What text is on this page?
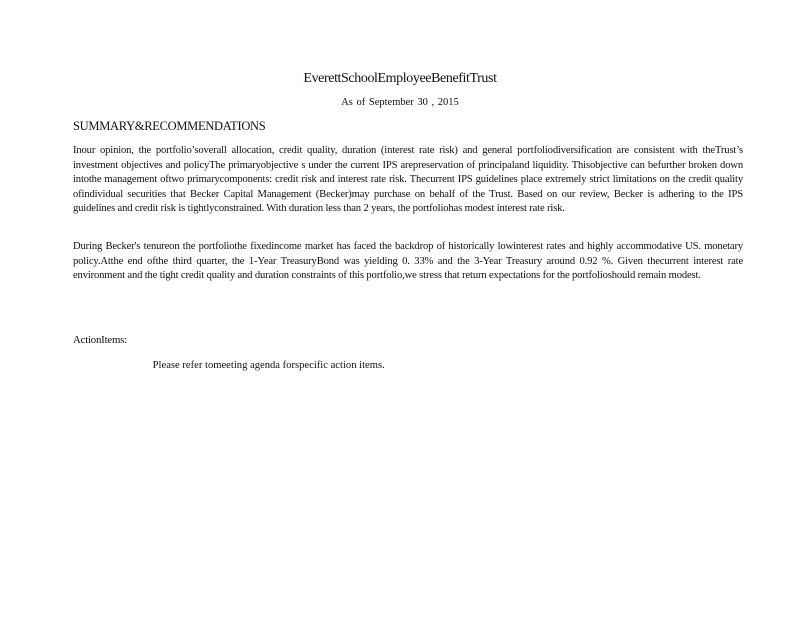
EverettSchoolEmployeeBenefitTrust
As of September 30 , 2015
SUMMARY&RECOMMENDATIONS

Inour opinion, the portfolio’soverall allocation, credit quality, duration (interest rate risk) and general portfoliodiversification are consistent with theTrust’s investment objectives and policyThe primaryobjective s under the current IPS arepreservation of principaland liquidity. Thisobjective can befurther broken down intothe management oftwo primarycomponents: credit risk and interest rate risk. Thecurrent IPS guidelines place extremely strict limitations on the credit quality ofindividual securities that Becker Capital Management (Becker)may purchase on behalf of the Trust. Based on our review, Becker is adhering to the IPS guidelines and credit risk is tightlyconstrained. With duration less than 2 years, the portfoliohas modest interest rate risk.

During Becker's tenureon the portfoliothe fixedincome market has faced the backdrop of historically lowinterest rates and highly accommodative US. monetary policy.Atthe end ofthe third quarter, the 1-Year TreasuryBond was yielding 0. 33% and the 3-Year Treasury around 0.92 %. Given thecurrent interest rate environment and the tight credit quality and duration constraints of this portfolio,we stress that return expectations for the portfolioshould remain modest.

ActionItems:
Please refer tomeeting agenda forspecific action items.
